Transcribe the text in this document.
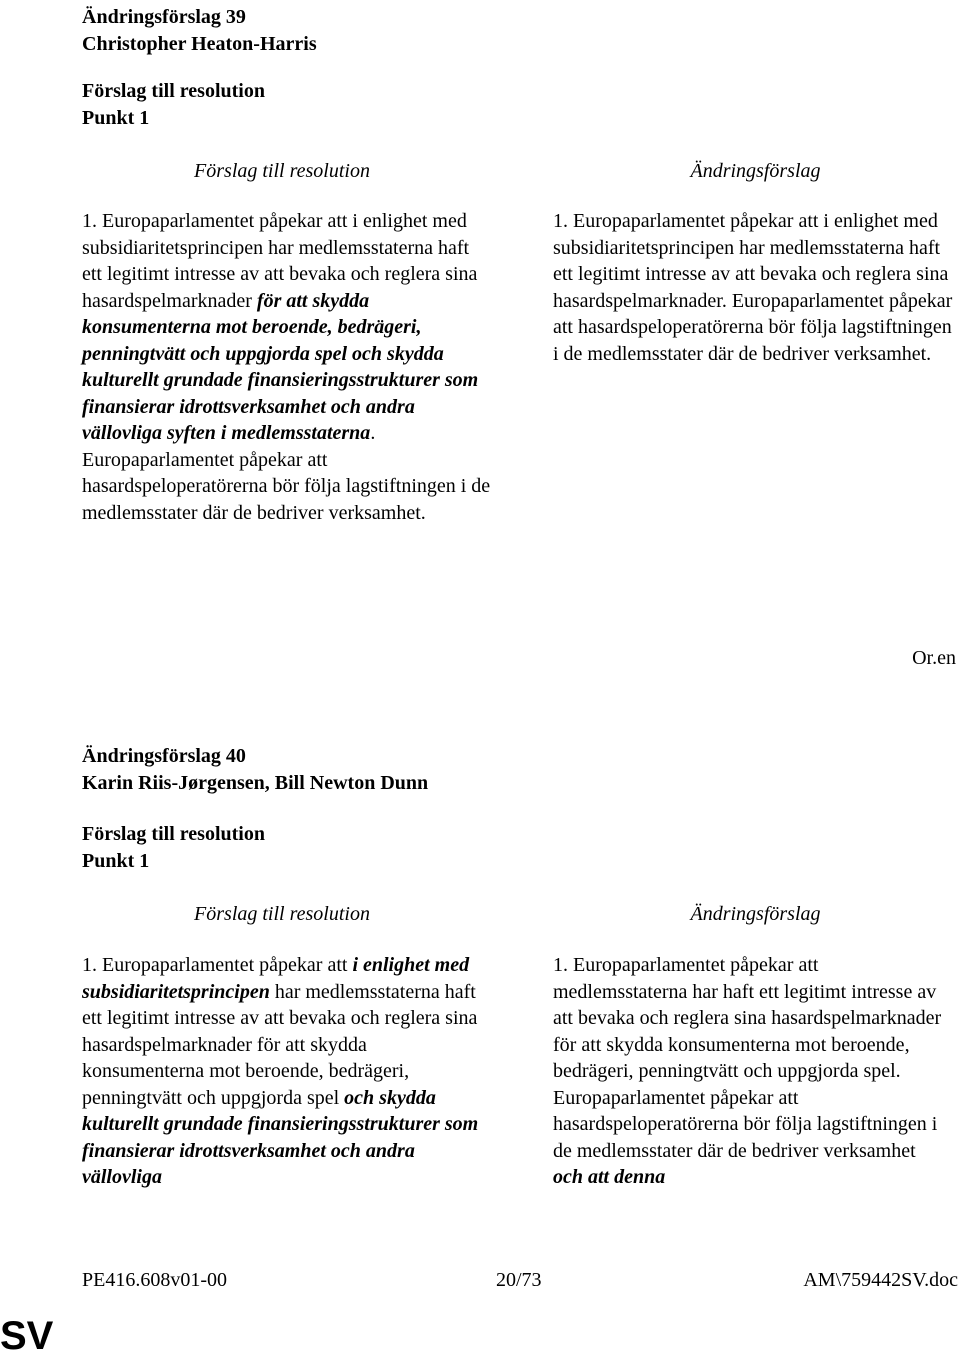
Ändringsförslag 39
Christopher Heaton-Harris
Förslag till resolution
Punkt 1
Förslag till resolution	Ändringsförslag

1. Europaparlamentet påpekar att i enlighet med subsidiaritetsprincipen har medlemsstaterna haft ett legitimt intresse av att bevaka och reglera sina hasardspelmarknader för att skydda konsumenterna mot beroende, bedrägeri, penningtvätt och uppgjorda spel och skydda kulturellt grundade finansieringsstrukturer som finansierar idrottsverksamhet och andra vällovliga syften i medlemsstaterna. Europaparlamentet påpekar att hasardspeloperatörerna bör följa lagstiftningen i de medlemsstater där de bedriver verksamhet.

1. Europaparlamentet påpekar att i enlighet med subsidiaritetsprincipen har medlemsstaterna haft ett legitimt intresse av att bevaka och reglera sina hasardspelmarknader. Europaparlamentet påpekar att hasardspeloperatörerna bör följa lagstiftningen i de medlemsstater där de bedriver verksamhet.

Or.en
Ändringsförslag 40
Karin Riis-Jørgensen, Bill Newton Dunn
Förslag till resolution
Punkt 1
Förslag till resolution	Ändringsförslag

1. Europaparlamentet påpekar att i enlighet med subsidiaritetsprincipen har medlemsstaterna haft ett legitimt intresse av att bevaka och reglera sina hasardspelmarknader för att skydda konsumenterna mot beroende, bedrägeri, penningtvätt och uppgjorda spel och skydda kulturellt grundade finansieringsstrukturer som finansierar idrottsverksamhet och andra vällovliga

1. Europaparlamentet påpekar att medlemsstaterna har haft ett legitimt intresse av att bevaka och reglera sina hasardspelmarknader för att skydda konsumenterna mot beroende, bedrägeri, penningtvätt och uppgjorda spel. Europaparlamentet påpekar att hasardspeloperatörerna bör följa lagstiftningen i de medlemsstater där de bedriver verksamhet och att denna

PE416.608v01-00	20/73	AM\759442SV.doc
SV
